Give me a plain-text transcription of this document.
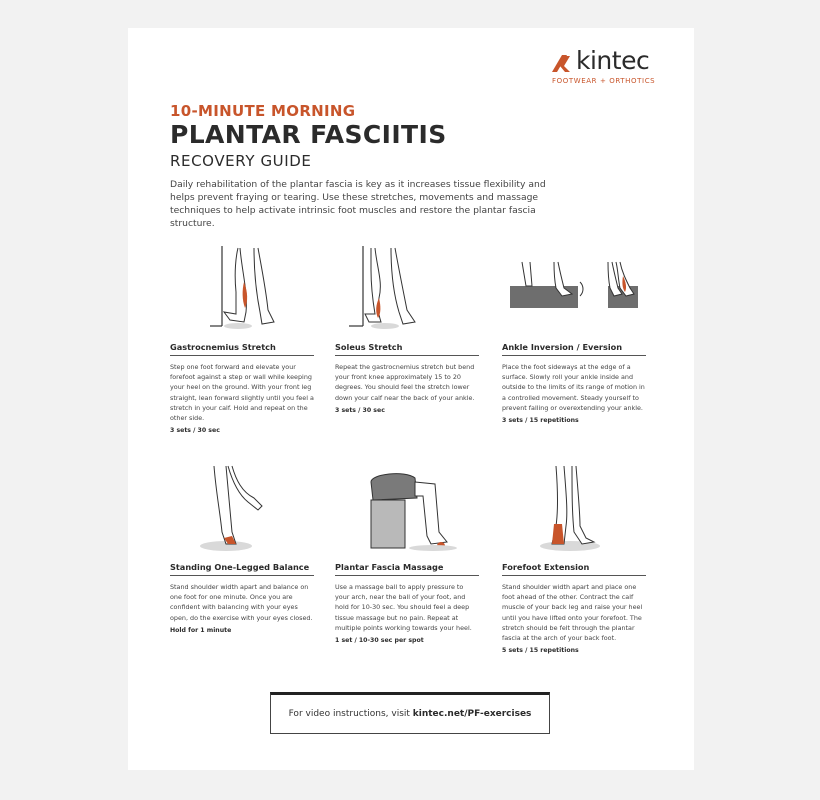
kintec
FOOTWEAR + ORTHOTICS
10-MINUTE MORNING
PLANTAR FASCIITIS
RECOVERY GUIDE
Daily rehabilitation of the plantar fascia is key as it increases tissue flexibility and helps prevent fraying or tearing. Use these stretches, movements and massage techniques to help activate intrinsic foot muscles and restore the plantar fascia structure.
Gastrocnemius Stretch

Step one foot forward and elevate your forefoot against a step or wall while keeping your heel on the ground. With your front leg straight, lean forward slightly until you feel a stretch in your calf. Hold and repeat on the other side.

3 sets / 30 sec
Soleus Stretch

Repeat the gastrocnemius stretch but bend your front knee approximately 15 to 20 degrees. You should feel the stretch lower down your calf near the back of your ankle.

3 sets / 30 sec
Ankle Inversion / Eversion

Place the foot sideways at the edge of a surface. Slowly roll your ankle inside and outside to the limits of its range of motion in a controlled movement. Steady yourself to prevent falling or overextending your ankle.

3 sets / 15 repetitions
Standing One-Legged Balance

Stand shoulder width apart and balance on one foot for one minute. Once you are confident with balancing with your eyes open, do the exercise with your eyes closed.

Hold for 1 minute
Plantar Fascia Massage

Use a massage ball to apply pressure to your arch, near the ball of your foot, and hold for 10-30 sec. You should feel a deep tissue massage but no pain. Repeat at multiple points working towards your heel.

1 set / 10-30 sec per spot
Forefoot Extension

Stand shoulder width apart and place one foot ahead of the other. Contract the calf muscle of your back leg and raise your heel until you have lifted onto your forefoot. The stretch should be felt through the plantar fascia at the arch of your back foot.

5 sets / 15 repetitions
For video instructions, visit kintec.net/PF-exercises
